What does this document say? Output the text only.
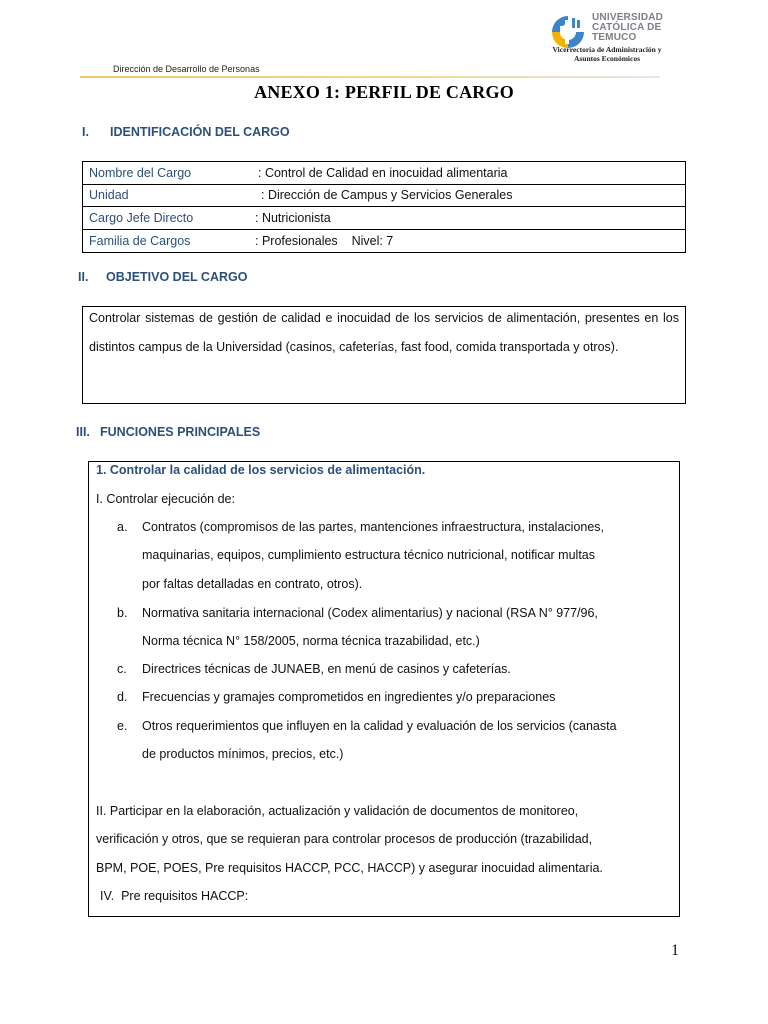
Dirección de Desarrollo de Personas
UNIVERSIDAD
CATÓLICA DE
TEMUCO
Vicerrectoría de Administración y
Asuntos Económicos
ANEXO 1: PERFIL DE CARGO
I. IDENTIFICACIÓN DEL CARGO
Nombre del Cargo	: Control de Calidad en inocuidad alimentaria
Unidad	: Dirección de Campus y Servicios Generales
Cargo Jefe Directo	: Nutricionista
Familia de Cargos	: Profesionales    Nivel: 7
II. OBJETIVO DEL CARGO
Controlar sistemas de gestión de calidad e inocuidad de los servicios de alimentación, presentes en los distintos campus de la Universidad (casinos, cafeterías, fast food, comida transportada y otros).
III. FUNCIONES PRINCIPALES
1. Controlar la calidad de los servicios de alimentación.
I. Controlar ejecución de:
a. Contratos (compromisos de las partes, mantenciones infraestructura, instalaciones,
maquinarias, equipos, cumplimiento estructura técnico nutricional, notificar multas
por faltas detalladas en contrato, otros).
b. Normativa sanitaria internacional (Codex alimentarius) y nacional (RSA N° 977/96,
Norma técnica N° 158/2005, norma técnica trazabilidad, etc.)
c. Directrices técnicas de JUNAEB, en menú de casinos y cafeterías.
d. Frecuencias y gramajes comprometidos en ingredientes y/o preparaciones
e. Otros requerimientos que influyen en la calidad y evaluación de los servicios (canasta
de productos mínimos, precios, etc.)
II. Participar en la elaboración, actualización y validación de documentos de monitoreo,
verificación y otros, que se requieran para controlar procesos de producción (trazabilidad,
BPM, POE, POES, Pre requisitos HACCP, PCC, HACCP) y asegurar inocuidad alimentaria.
IV.  Pre requisitos HACCP:
1
